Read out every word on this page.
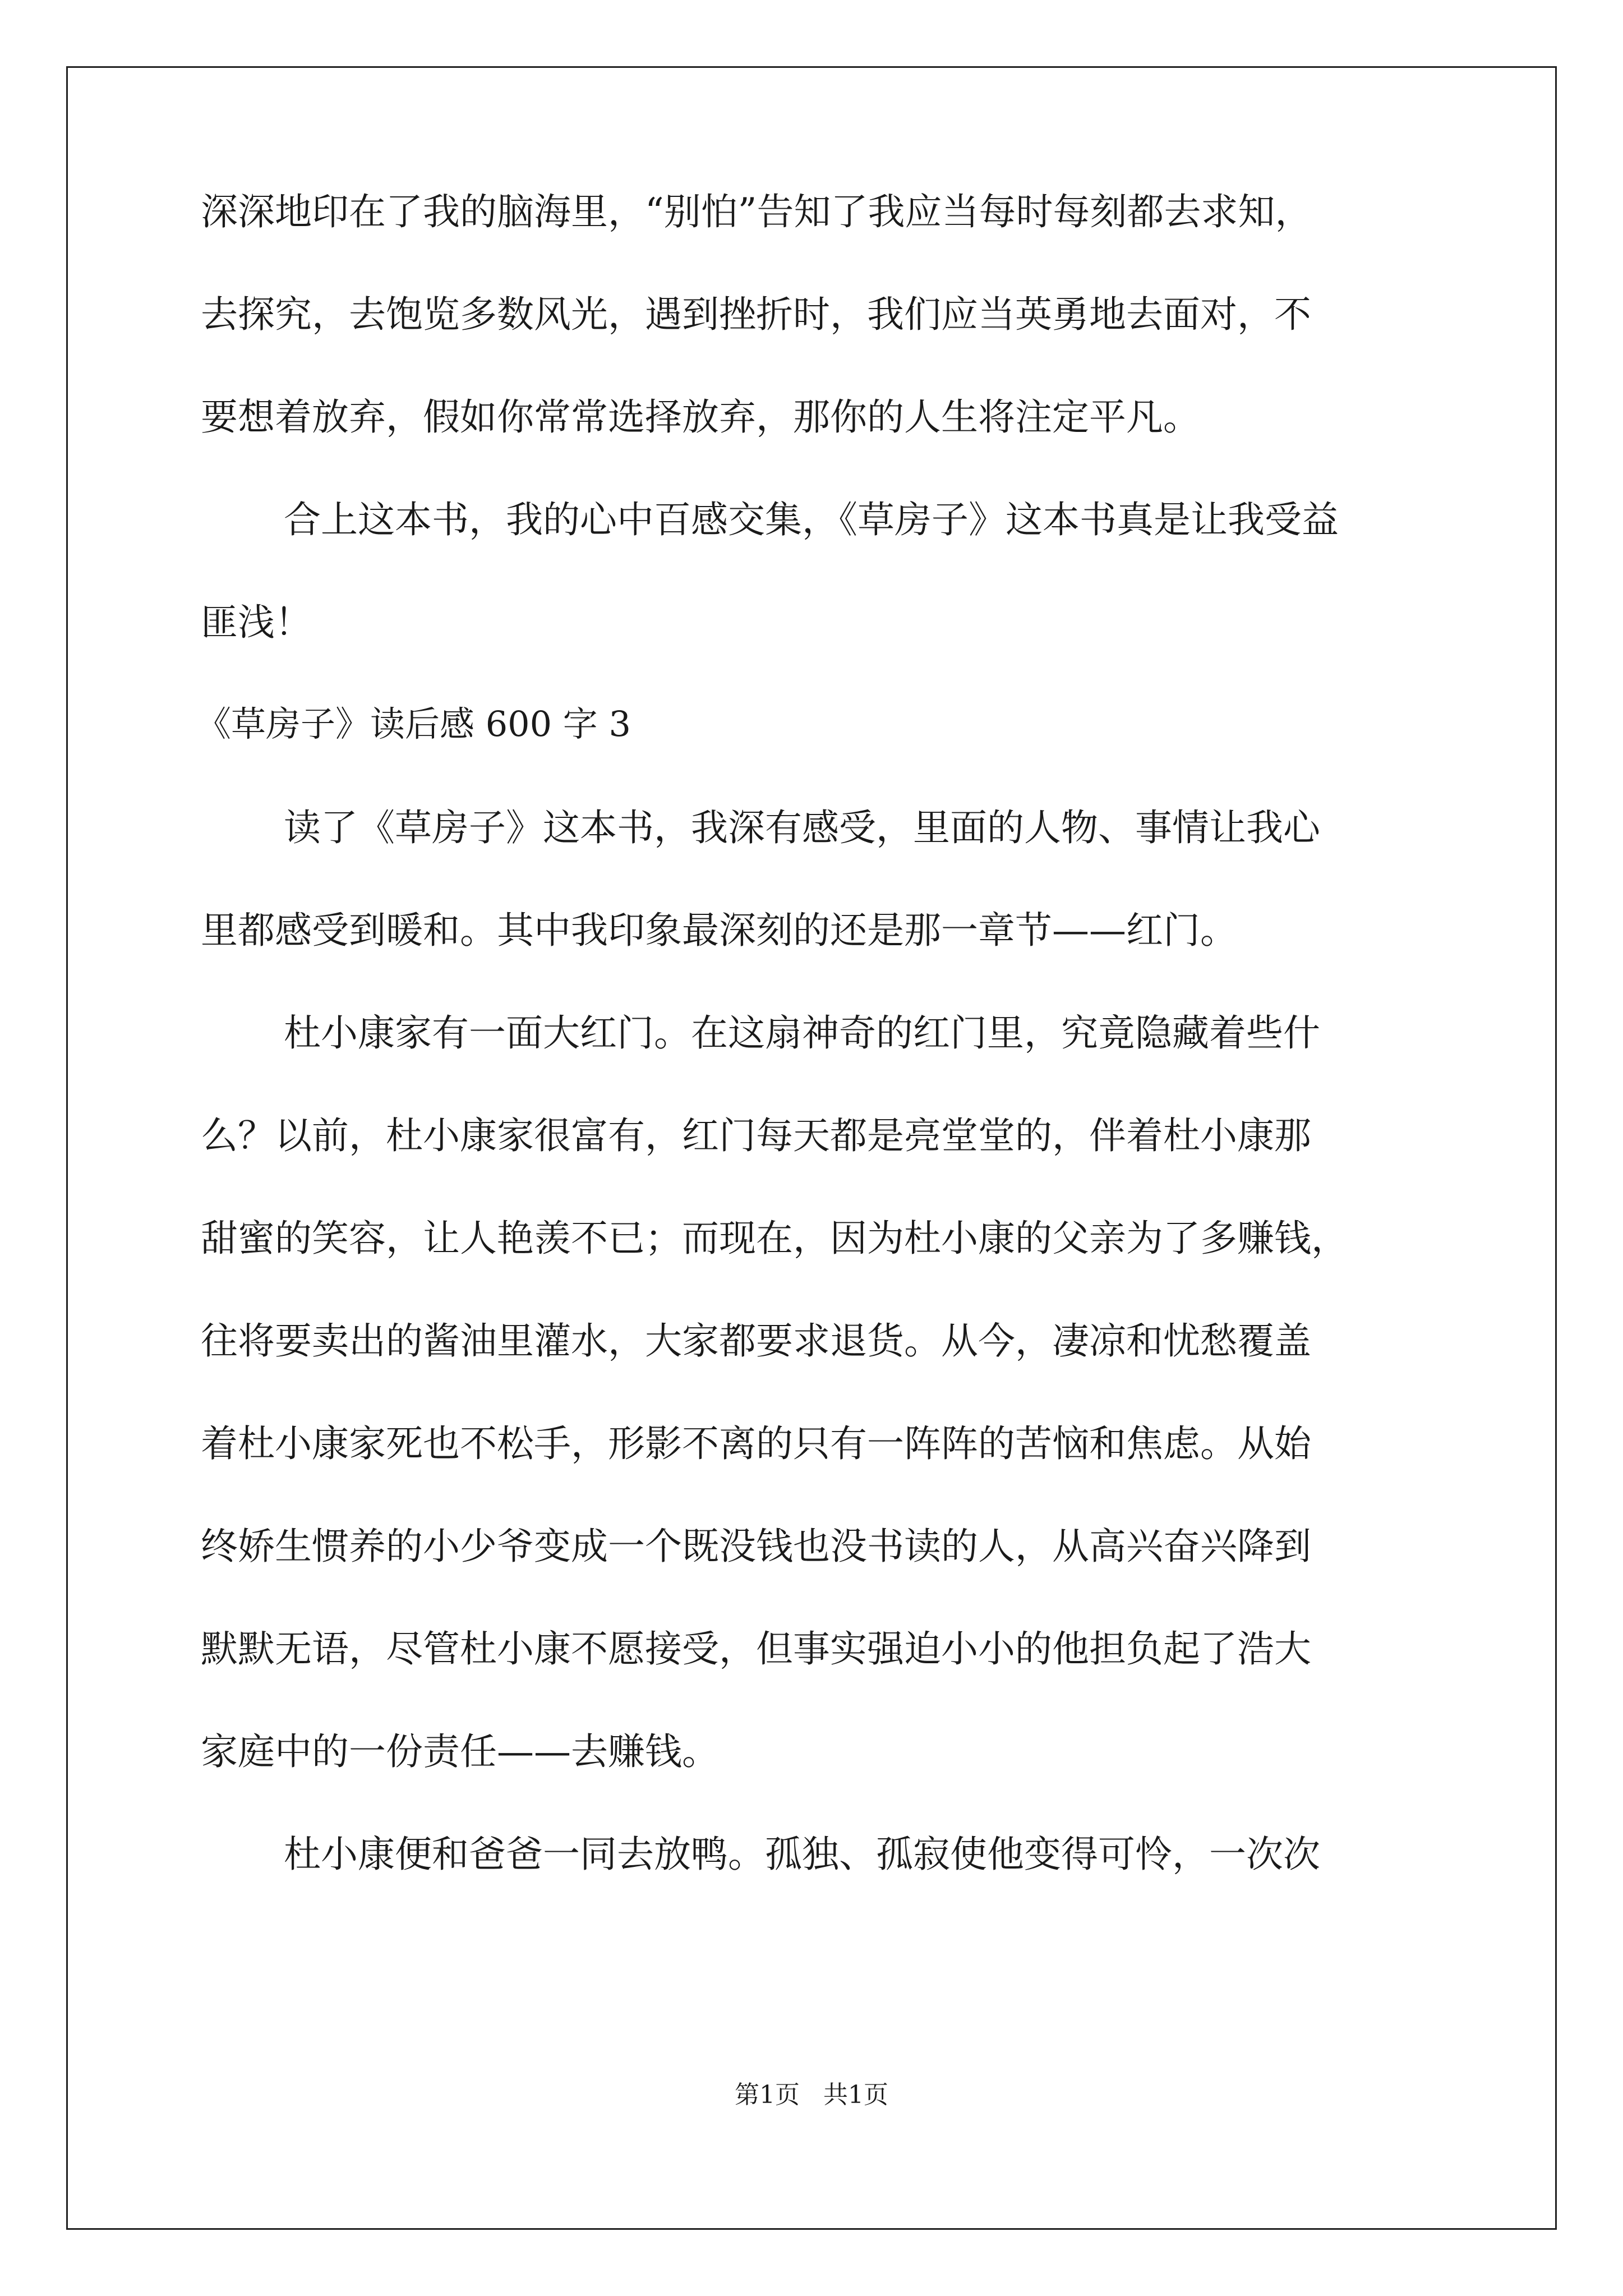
深深地印在了我的脑海里，“别怕”告知了我应当每时每刻都去求知，

去探究，去饱览多数风光，遇到挫折时，我们应当英勇地去面对，不

要想着放弃，假如你常常选择放弃，那你的人生将注定平凡。

合上这本书，我的心中百感交集，《草房子》这本书真是让我受益

匪浅！

《草房子》读后感 600 字 3

读了《草房子》这本书，我深有感受，里面的人物、事情让我心

里都感受到暖和。其中我印象最深刻的还是那一章节——红门。

杜小康家有一面大红门。在这扇神奇的红门里，究竟隐藏着些什

么？以前，杜小康家很富有，红门每天都是亮堂堂的，伴着杜小康那

甜蜜的笑容，让人艳羡不已；而现在，因为杜小康的父亲为了多赚钱，

往将要卖出的酱油里灌水，大家都要求退货。从今，凄凉和忧愁覆盖

着杜小康家死也不松手，形影不离的只有一阵阵的苦恼和焦虑。从始

终娇生惯养的小少爷变成一个既没钱也没书读的人，从高兴奋兴降到

默默无语，尽管杜小康不愿接受，但事实强迫小小的他担负起了浩大

家庭中的一份责任——去赚钱。

杜小康便和爸爸一同去放鸭。孤独、孤寂使他变得可怜，一次次

第1页   共1页
